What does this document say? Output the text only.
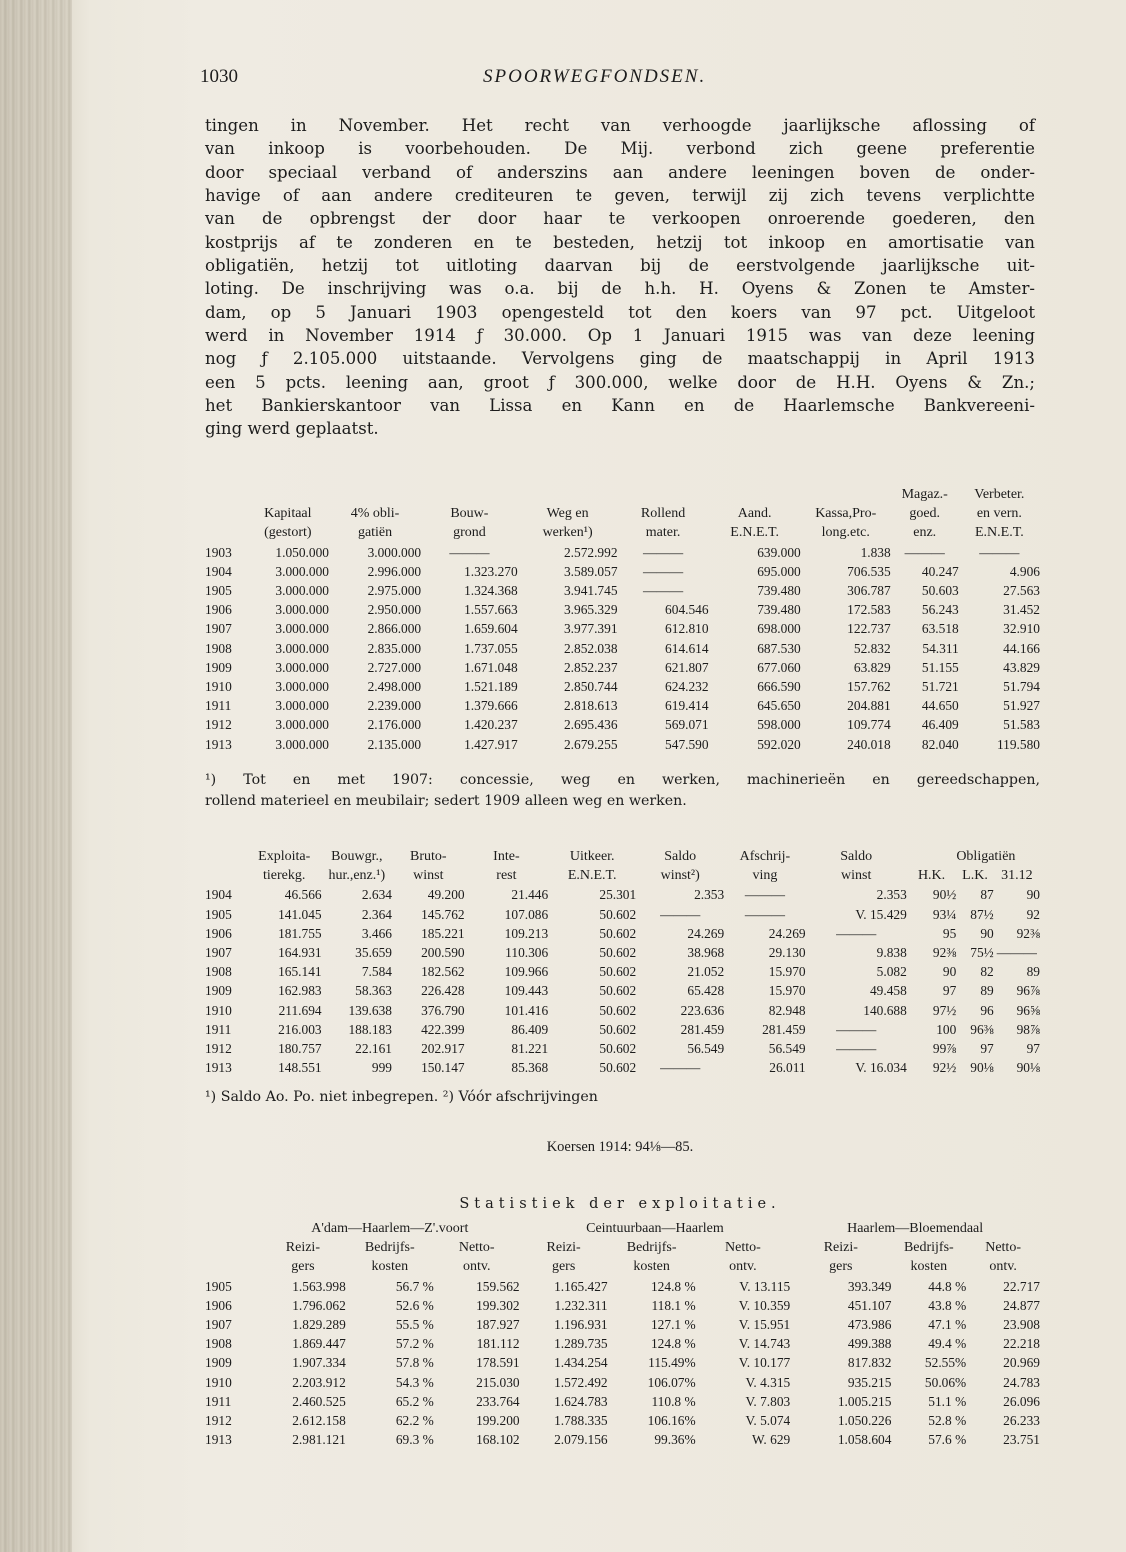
1030	SPOORWEGFONDSEN.
tingen in November. Het recht van verhoogde jaarlijksche aflossing of
van inkoop is voorbehouden. De Mij. verbond zich geene preferentie
door speciaal verband of anderszins aan andere leeningen boven de onder-
havige of aan andere crediteuren te geven, terwijl zij zich tevens verplichtte
van de opbrengst der door haar te verkoopen onroerende goederen, den
kostprijs af te zonderen en te besteden, hetzij tot inkoop en amortisatie van
obligatiën, hetzij tot uitloting daarvan bij de eerstvolgende jaarlijksche uit-
loting. De inschrijving was o.a. bij de h.h. H. Oyens & Zonen te Amster-
dam, op 5 Januari 1903 opengesteld tot den koers van 97 pct. Uitgeloot
werd in November 1914 ƒ 30.000. Op 1 Januari 1915 was van deze leening
nog ƒ 2.105.000 uitstaande. Vervolgens ging de maatschappij in April 1913
een 5 pcts. leening aan, groot ƒ 300.000, welke door de H.H. Oyens & Zn.;
het Bankierskantoor van Lissa en Kann en de Haarlemsche Bankvereeni-
ging werd geplaatst.
								Magaz.-	Verbeter.
	Kapitaal	4% obli-	Bouw-	Weg en	Rollend	Aand.	Kassa,Pro-	goed.	en vern.
	(gestort)	gatiën	grond	werken¹)	mater.	E.N.E.T.	long.etc.	enz.	E.N.E.T.
1903	1.050.000	3.000.000	———	2.572.992	———	639.000	1.838	———	———
1904	3.000.000	2.996.000	1.323.270	3.589.057	———	695.000	706.535	40.247	4.906
1905	3.000.000	2.975.000	1.324.368	3.941.745	———	739.480	306.787	50.603	27.563
1906	3.000.000	2.950.000	1.557.663	3.965.329	604.546	739.480	172.583	56.243	31.452
1907	3.000.000	2.866.000	1.659.604	3.977.391	612.810	698.000	122.737	63.518	32.910
1908	3.000.000	2.835.000	1.737.055	2.852.038	614.614	687.530	52.832	54.311	44.166
1909	3.000.000	2.727.000	1.671.048	2.852.237	621.807	677.060	63.829	51.155	43.829
1910	3.000.000	2.498.000	1.521.189	2.850.744	624.232	666.590	157.762	51.721	51.794
1911	3.000.000	2.239.000	1.379.666	2.818.613	619.414	645.650	204.881	44.650	51.927
1912	3.000.000	2.176.000	1.420.237	2.695.436	569.071	598.000	109.774	46.409	51.583
1913	3.000.000	2.135.000	1.427.917	2.679.255	547.590	592.020	240.018	82.040	119.580
¹) Tot en met 1907: concessie, weg en werken, machinerieën en gereedschappen,
rollend materieel en meubilair; sedert 1909 alleen weg en werken.
	Exploita-	Bouwgr.,	Bruto-	Inte-	Uitkeer.	Saldo	Afschrij-	Saldo		Obligatiën	
	tierekg.	hur.,enz.¹)	winst	rest	E.N.E.T.	winst²)	ving	winst	H.K.	L.K.	31.12
1904	46.566	2.634	49.200	21.446	25.301	2.353	———	2.353	90½	87	90
1905	141.045	2.364	145.762	107.086	50.602	———	———	V. 15.429	93¼	87½	92
1906	181.755	3.466	185.221	109.213	50.602	24.269	24.269	———	95	90	92⅜
1907	164.931	35.659	200.590	110.306	50.602	38.968	29.130	9.838	92⅜	75½	———
1908	165.141	7.584	182.562	109.966	50.602	21.052	15.970	5.082	90	82	89
1909	162.983	58.363	226.428	109.443	50.602	65.428	15.970	49.458	97	89	96⅞
1910	211.694	139.638	376.790	101.416	50.602	223.636	82.948	140.688	97½	96	96⅝
1911	216.003	188.183	422.399	86.409	50.602	281.459	281.459	———	100	96⅜	98⅞
1912	180.757	22.161	202.917	81.221	50.602	56.549	56.549	———	99⅞	97	97
1913	148.551	999	150.147	85.368	50.602	———	26.011	V. 16.034	92½	90⅛	90⅛
¹) Saldo Ao. Po. niet inbegrepen. ²) Vóór afschrijvingen
Koersen 1914: 94⅛—85.
Statistiek der exploitatie.
	A'dam—Haarlem—Z'.voort			Ceintuurbaan—Haarlem			Haarlem—Bloemendaal		
	Reizi-	Bedrijfs-	Netto-	Reizi-	Bedrijfs-	Netto-	Reizi-	Bedrijfs-	Netto-
	gers	kosten	ontv.	gers	kosten	ontv.	gers	kosten	ontv.
1905	1.563.998	56.7 %	159.562	1.165.427	124.8 %	V. 13.115	393.349	44.8 %	22.717
1906	1.796.062	52.6 %	199.302	1.232.311	118.1 %	V. 10.359	451.107	43.8 %	24.877
1907	1.829.289	55.5 %	187.927	1.196.931	127.1 %	V. 15.951	473.986	47.1 %	23.908
1908	1.869.447	57.2 %	181.112	1.289.735	124.8 %	V. 14.743	499.388	49.4 %	22.218
1909	1.907.334	57.8 %	178.591	1.434.254	115.49%	V. 10.177	817.832	52.55%	20.969
1910	2.203.912	54.3 %	215.030	1.572.492	106.07%	V. 4.315	935.215	50.06%	24.783
1911	2.460.525	65.2 %	233.764	1.624.783	110.8 %	V. 7.803	1.005.215	51.1 %	26.096
1912	2.612.158	62.2 %	199.200	1.788.335	106.16%	V. 5.074	1.050.226	52.8 %	26.233
1913	2.981.121	69.3 %	168.102	2.079.156	99.36%	W. 629	1.058.604	57.6 %	23.751
